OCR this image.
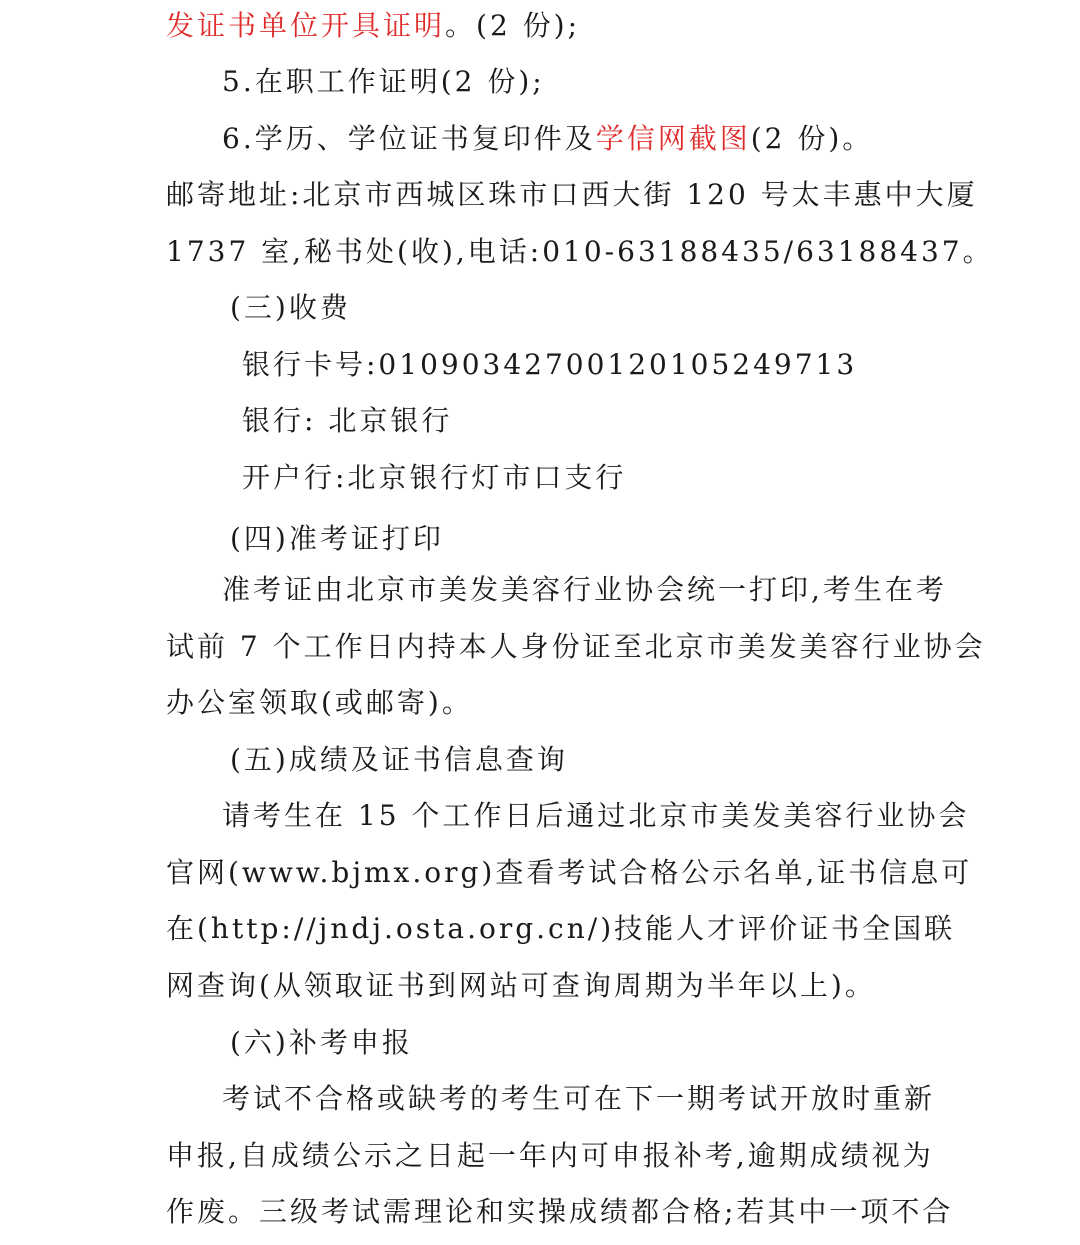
发证书单位开具证明。(2 份);
5.在职工作证明(2 份);
6.学历、学位证书复印件及学信网截图(2 份)。
邮寄地址:北京市西城区珠市口西大街 120 号太丰惠中大厦
1737 室,秘书处(收),电话:010-63188435/63188437。
(三)收费
银行卡号:01090342700120105249713
银行: 北京银行
开户行:北京银行灯市口支行
(四)准考证打印
准考证由北京市美发美容行业协会统一打印,考生在考
试前 7 个工作日内持本人身份证至北京市美发美容行业协会
办公室领取(或邮寄)。
(五)成绩及证书信息查询
请考生在 15 个工作日后通过北京市美发美容行业协会
官网(www.bjmx.org)查看考试合格公示名单,证书信息可
在(http://jndj.osta.org.cn/)技能人才评价证书全国联
网查询(从领取证书到网站可查询周期为半年以上)。
(六)补考申报
考试不合格或缺考的考生可在下一期考试开放时重新
申报,自成绩公示之日起一年内可申报补考,逾期成绩视为
作废。三级考试需理论和实操成绩都合格;若其中一项不合
